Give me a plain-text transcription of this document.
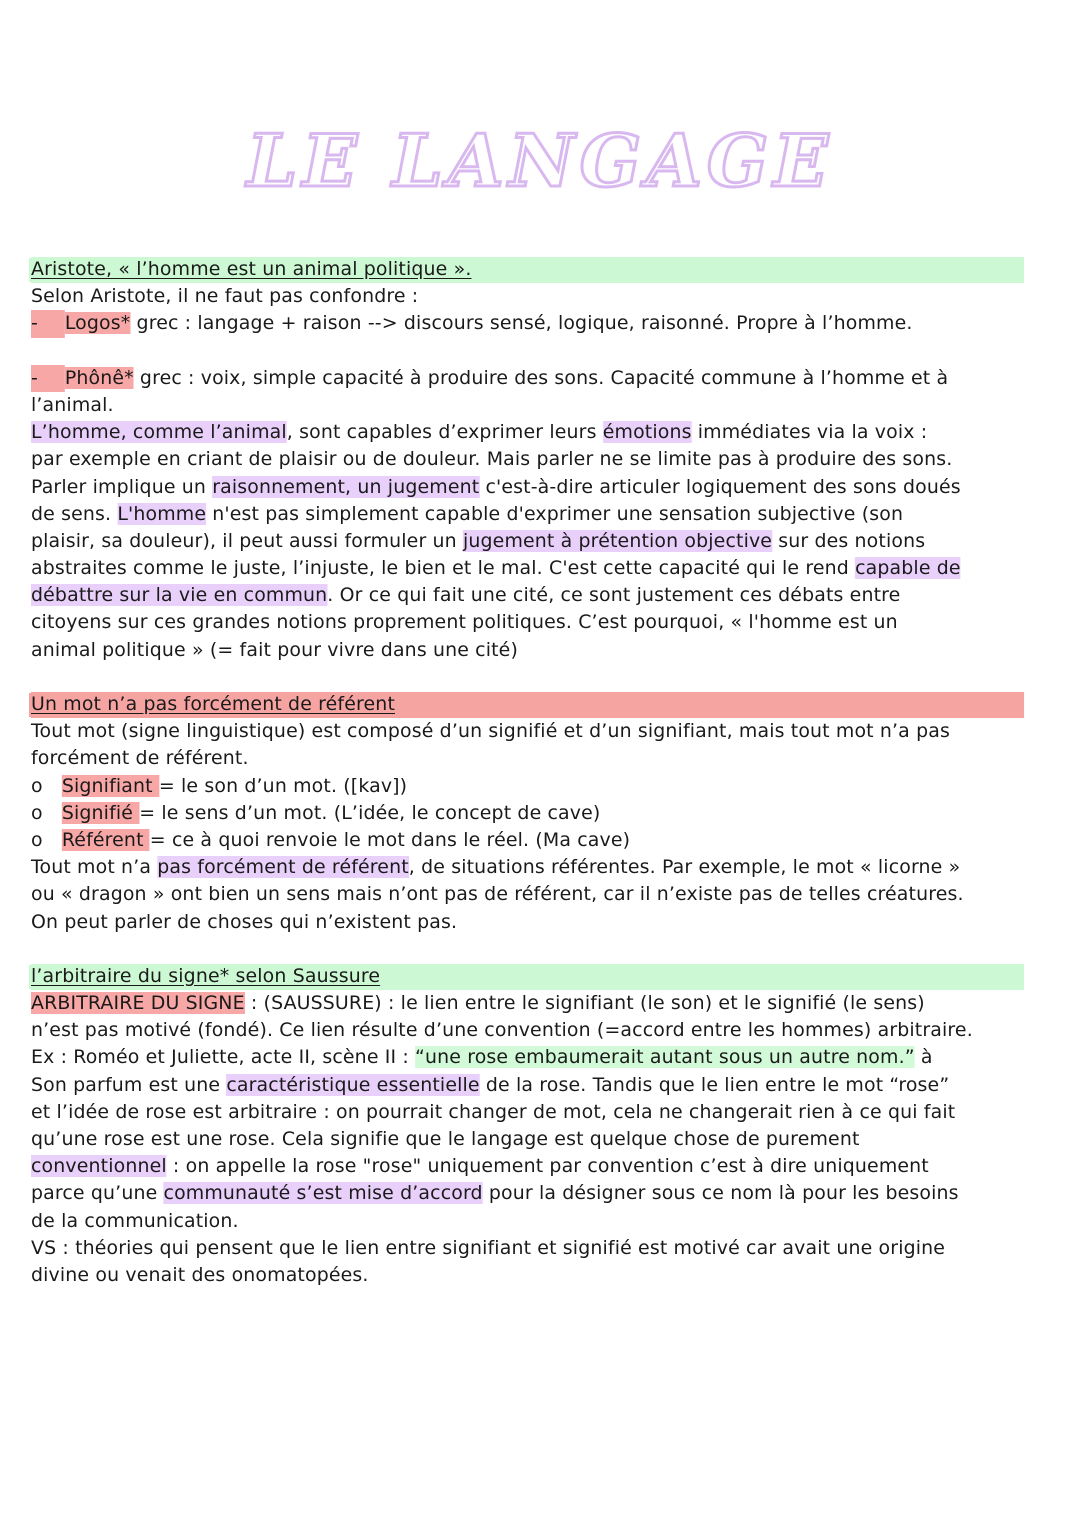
LE LANGAGE
Aristote, « l’homme est un animal politique ».
Selon Aristote, il ne faut pas confondre :
- Logos* grec : langage + raison --> discours sensé, logique, raisonné. Propre à l’homme.
- Phônê* grec : voix, simple capacité à produire des sons. Capacité commune à l’homme et à
l’animal.
L’homme, comme l’animal, sont capables d’exprimer leurs émotions immédiates via la voix :
par exemple en criant de plaisir ou de douleur. Mais parler ne se limite pas à produire des sons.
Parler implique un raisonnement, un jugement c'est-à-dire articuler logiquement des sons doués
de sens. L'homme n'est pas simplement capable d'exprimer une sensation subjective (son
plaisir, sa douleur), il peut aussi formuler un jugement à prétention objective sur des notions
abstraites comme le juste, l’injuste, le bien et le mal. C'est cette capacité qui le rend capable de
débattre sur la vie en commun. Or ce qui fait une cité, ce sont justement ces débats entre
citoyens sur ces grandes notions proprement politiques. C’est pourquoi, « l'homme est un
animal politique » (= fait pour vivre dans une cité)
Un mot n’a pas forcément de référent
Tout mot (signe linguistique) est composé d’un signifié et d’un signifiant, mais tout mot n’a pas
forcément de référent.
o Signifiant = le son d’un mot. ([kav])
o Signifié = le sens d’un mot. (L’idée, le concept de cave)
o Référent = ce à quoi renvoie le mot dans le réel. (Ma cave)
Tout mot n’a pas forcément de référent, de situations référentes. Par exemple, le mot « licorne »
ou « dragon » ont bien un sens mais n’ont pas de référent, car il n’existe pas de telles créatures.
On peut parler de choses qui n’existent pas.
l’arbitraire du signe* selon Saussure
ARBITRAIRE DU SIGNE : (SAUSSURE) : le lien entre le signifiant (le son) et le signifié (le sens)
n’est pas motivé (fondé). Ce lien résulte d’une convention (=accord entre les hommes) arbitraire.
Ex : Roméo et Juliette, acte II, scène II : “une rose embaumerait autant sous un autre nom.” à
Son parfum est une caractéristique essentielle de la rose. Tandis que le lien entre le mot “rose”
et l’idée de rose est arbitraire : on pourrait changer de mot, cela ne changerait rien à ce qui fait
qu’une rose est une rose. Cela signifie que le langage est quelque chose de purement
conventionnel : on appelle la rose "rose" uniquement par convention c’est à dire uniquement
parce qu’une communauté s’est mise d’accord pour la désigner sous ce nom là pour les besoins
de la communication.
VS : théories qui pensent que le lien entre signifiant et signifié est motivé car avait une origine
divine ou venait des onomatopées.
